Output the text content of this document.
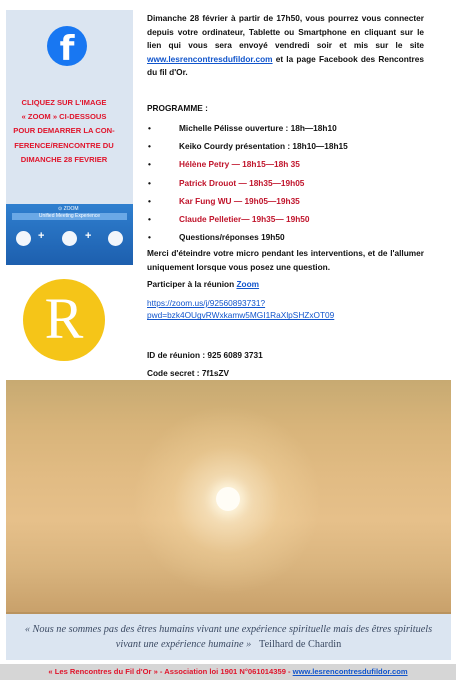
f
CLIQUEZ SUR L'IMAGE
« ZOOM » CI-DESSOUS
POUR DEMARRER LA CON-
FERENCE/RENCONTRE DU
DIMANCHE 28 FEVRIER
⊙ ZOOM
Unified Meeting Experience
+	+
R

Dimanche 28 février à partir de 17h50, vous pourrez vous connecter depuis votre ordinateur, Tablette ou Smartphone en cliquant sur le lien qui vous sera envoyé vendredi soir et mis sur le site www.lesrencontresdufildor.com et la page Facebook des Rencontres du fil d'Or.

PROGRAMME :
• Michelle Pélisse ouverture : 18h—18h10
• Keiko Courdy présentation : 18h10—18h15
• Hélène Petry — 18h15—18h 35
• Patrick Drouot — 18h35—19h05
• Kar Fung WU — 19h05—19h35
• Claude Pelletier— 19h35— 19h50
• Questions/réponses 19h50
Merci d'éteindre votre micro pendant les interventions, et de l'allumer uniquement lorsque vous posez une question.
Participer à la réunion Zoom
https://zoom.us/j/92560893731?
pwd=bzk4OUgvRWxkamw5MGI1RaXlpSHZxOT09
ID de réunion : 925 6089 3731
Code secret : 7f1sZV
« Nous ne sommes pas des êtres humains vivant une expérience spirituelle mais des êtres spirituels vivant une expérience humaine » Teilhard de Chardin
« Les Rencontres du Fil d'Or » - Association loi 1901 N°061014359 - www.lesrencontresdufildor.com
